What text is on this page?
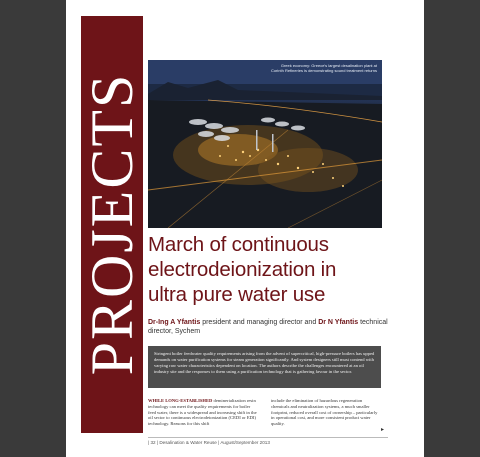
PROJECTS
Greek economy: Greece's largest desalination plant at Corinth Refineries is demonstrating sound treatment returns
March of continuous
electrodeionization in
ultra pure water use
Dr-Ing A Yfantis president and managing director and Dr N Yfantis technical director, Sychem
Stringent boiler feedwater quality requirements arising from the advent of supercritical, high-pressure boilers has upped demands on water purification systems for steam generation significantly. And system designers still must contend with varying raw water characteristics dependent on location. The authors describe the challenges encountered at an oil industry site and the responses to them using a purification technology that is gathering favour in the sector.
WHILE LONG-ESTABLISHED deminerialization resin technology can meet the quality requirements for boiler feed water, there is a widespread and increasing shift in the oil sector to continuous electrodeionization (CEDI or EDI) technology. Reasons for this shift
include the elimination of hazardous regeneration chemicals and neutralization systems, a much smaller footprint, reduced overall cost of ownership – particularly in operational cost, and more consistent product water quality.
▸
| 32 | Desalination & Water Reuse | August/September 2013
